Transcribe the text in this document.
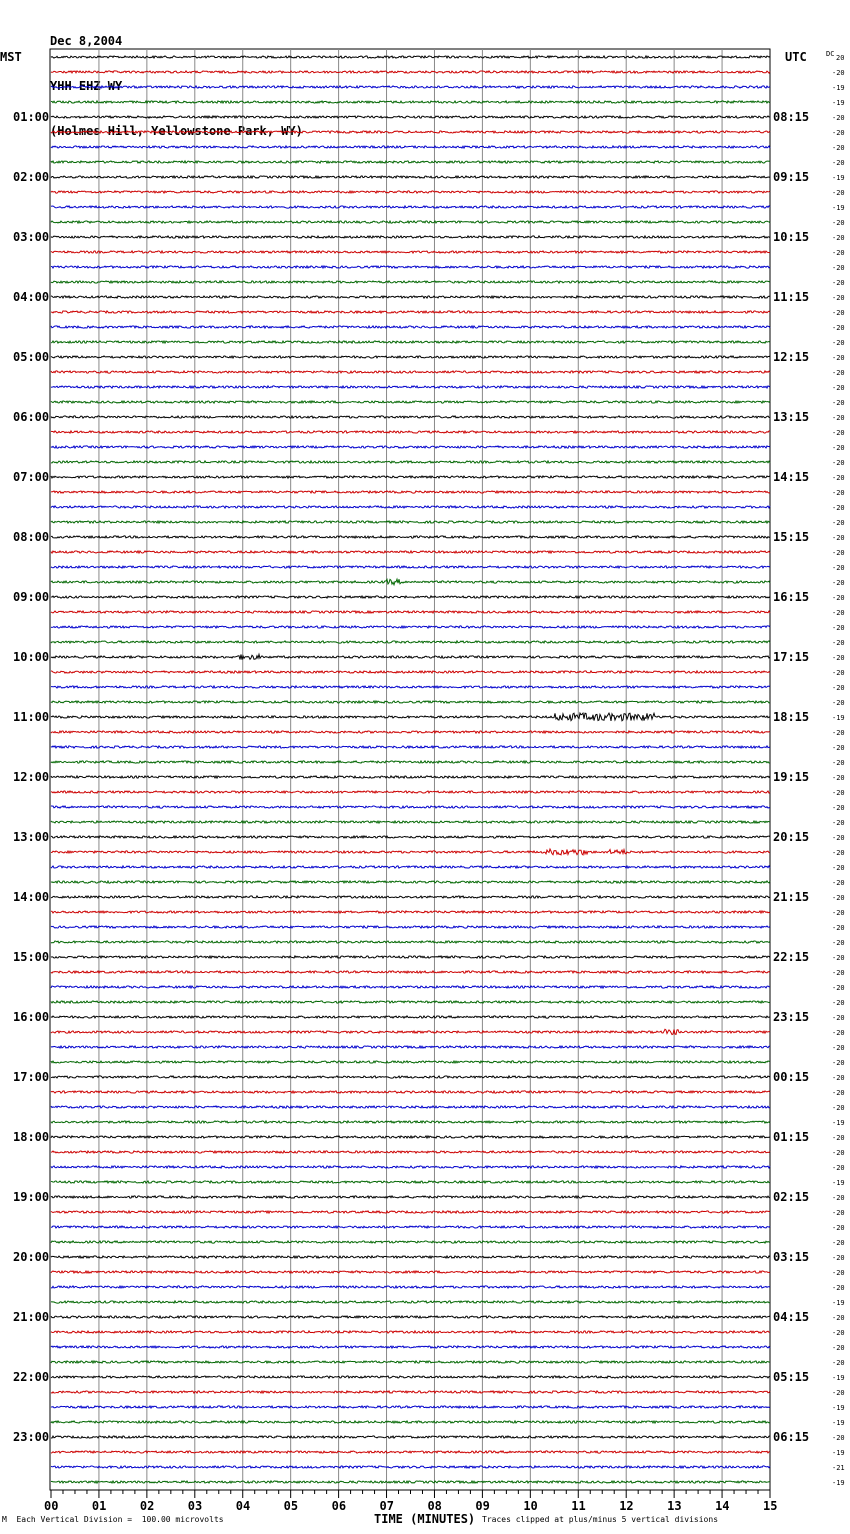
Dec 8,2004

YHH EHZ WY

(Holmes Hill, Yellowstone Park, WY)

01:00
02:00
03:00
04:00
05:00
06:00
07:00
08:00
09:00
10:00
11:00
12:00
13:00
14:00
15:00
16:00
17:00
18:00
19:00
20:00
21:00
22:00
23:00
08:15
09:15
10:15
11:15
12:15
13:15
14:15
15:15
16:15
17:15
18:15
19:15
20:15
21:15
22:15
23:15
00:15
01:15
02:15
03:15
04:15
05:15
06:15
20
-20
-19
-19
-20
-20
-20
-20
-19
-20
-19
-20
-20
-20
-20
-20
-20
-20
-20
-20
-20
-20
-20
-20
-20
-20
-20
-20
-20
-20
-20
-20
-20
-20
-20
-20
-20
-20
-20
-20
-20
-20
-20
-20
-19
-20
-20
-20
-20
-20
-20
-20
-20
-20
-20
-20
-20
-20
-20
-20
-20
-20
-20
-20
-20
-20
-20
-20
-20
-20
-20
-19
-20
-20
-20
-19
-20
-20
-20
-20
-20
-20
-20
-19
-20
-20
-20
-20
-19
-20
-19
-19
-20
-19
-21
-19
00	01	02	03	04	05	06	07	08	09	10	11	12	13	14	15
MST	UTC	DC
M Each Vertical Division =  100.00 microvolts	TIME (MINUTES) Traces clipped at plus/minus 5 vertical divisions
